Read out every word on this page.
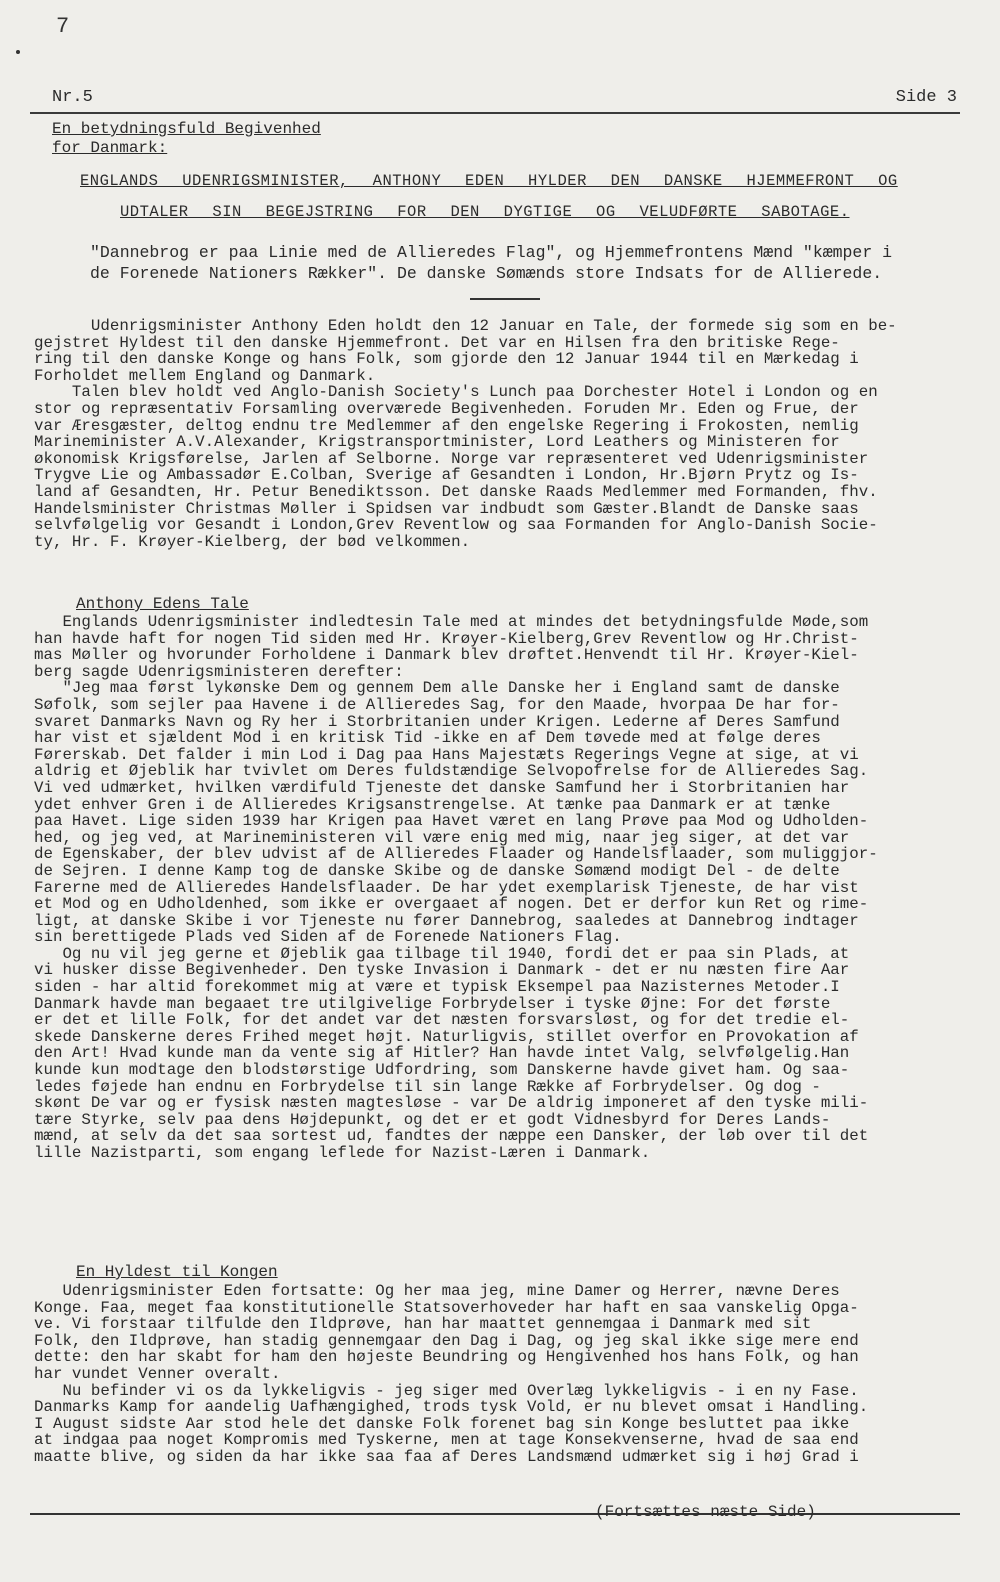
7
Nr.5	Side 3
En betydningsfuld Begivenhed
for Danmark:
ENGLANDS UDENRIGSMINISTER, ANTHONY EDEN HYLDER DEN DANSKE HJEMMEFRONT OG
UDTALER SIN BEGEJSTRING FOR DEN DYGTIGE OG VELUDFØRTE SABOTAGE.
"Dannebrog er paa Linie med de Allieredes Flag", og Hjemmefrontens Mænd "kæmper i
de Forenede Nationers Rækker". De danske Sømænds store Indsats for de Allierede.

Udenrigsminister Anthony Eden holdt den 12 Januar en Tale, der formede sig som en be-

gejstret Hyldest til den danske Hjemmefront. Det var en Hilsen fra den britiske Rege-

ring til den danske Konge og hans Folk, som gjorde den 12 Januar 1944 til en Mærkedag i

Forholdet mellem England og Danmark.

Talen blev holdt ved Anglo-Danish Society's Lunch paa Dorchester Hotel i London og en

stor og repræsentativ Forsamling overværede Begivenheden. Foruden Mr. Eden og Frue, der

var Æresgæster, deltog endnu tre Medlemmer af den engelske Regering i Frokosten, nemlig

Marineminister A.V.Alexander, Krigstransportminister, Lord Leathers og Ministeren for

økonomisk Krigsførelse, Jarlen af Selborne. Norge var repræsenteret ved Udenrigsminister

Trygve Lie og Ambassadør E.Colban, Sverige af Gesandten i London, Hr.Bjørn Prytz og Is-

land af Gesandten, Hr. Petur Benediktsson. Det danske Raads Medlemmer med Formanden, fhv.

Handelsminister Christmas Møller i Spidsen var indbudt som Gæster.Blandt de Danske saas

selvfølgelig vor Gesandt i London,Grev Reventlow og saa Formanden for Anglo-Danish Socie-

ty, Hr. F. Krøyer-Kielberg, der bød velkommen.

Anthony Edens Tale

Englands Udenrigsminister indledtesin Tale med at mindes det betydningsfulde Møde,som

han havde haft for nogen Tid siden med Hr. Krøyer-Kielberg,Grev Reventlow og Hr.Christ-

mas Møller og hvorunder Forholdene i Danmark blev drøftet.Henvendt til Hr. Krøyer-Kiel-

berg sagde Udenrigsministeren derefter:

"Jeg maa først lykønske Dem og gennem Dem alle Danske her i England samt de danske

Søfolk, som sejler paa Havene i de Allieredes Sag, for den Maade, hvorpaa De har for-

svaret Danmarks Navn og Ry her i Storbritanien under Krigen. Lederne af Deres Samfund

har vist et sjældent Mod i en kritisk Tid -ikke en af Dem tøvede med at følge deres

Førerskab. Det falder i min Lod i Dag paa Hans Majestæts Regerings Vegne at sige, at vi

aldrig et Øjeblik har tvivlet om Deres fuldstændige Selvopofrelse for de Allieredes Sag.

Vi ved udmærket, hvilken værdifuld Tjeneste det danske Samfund her i Storbritanien har

ydet enhver Gren i de Allieredes Krigsanstrengelse. At tænke paa Danmark er at tænke

paa Havet. Lige siden 1939 har Krigen paa Havet været en lang Prøve paa Mod og Udholden-

hed, og jeg ved, at Marineministeren vil være enig med mig, naar jeg siger, at det var

de Egenskaber, der blev udvist af de Allieredes Flaader og Handelsflaader, som muliggjor-

de Sejren. I denne Kamp tog de danske Skibe og de danske Sømænd modigt Del - de delte

Farerne med de Allieredes Handelsflaader. De har ydet exemplarisk Tjeneste, de har vist

et Mod og en Udholdenhed, som ikke er overgaaet af nogen. Det er derfor kun Ret og rime-

ligt, at danske Skibe i vor Tjeneste nu fører Dannebrog, saaledes at Dannebrog indtager

sin berettigede Plads ved Siden af de Forenede Nationers Flag.

Og nu vil jeg gerne et Øjeblik gaa tilbage til 1940, fordi det er paa sin Plads, at

vi husker disse Begivenheder. Den tyske Invasion i Danmark - det er nu næsten fire Aar

siden - har altid forekommet mig at være et typisk Eksempel paa Nazisternes Metoder.I

Danmark havde man begaaet tre utilgivelige Forbrydelser i tyske Øjne: For det første

er det et lille Folk, for det andet var det næsten forsvarsløst, og for det tredie el-

skede Danskerne deres Frihed meget højt. Naturligvis, stillet overfor en Provokation af

den Art! Hvad kunde man da vente sig af Hitler? Han havde intet Valg, selvfølgelig.Han

kunde kun modtage den blodstørstige Udfordring, som Danskerne havde givet ham. Og saa-

ledes føjede han endnu en Forbrydelse til sin lange Række af Forbrydelser. Og dog -

skønt De var og er fysisk næsten magtesløse - var De aldrig imponeret af den tyske mili-

tære Styrke, selv paa dens Højdepunkt, og det er et godt Vidnesbyrd for Deres Lands-

mænd, at selv da det saa sortest ud, fandtes der næppe een Dansker, der løb over til det

lille Nazistparti, som engang leflede for Nazist-Læren i Danmark.

En Hyldest til Kongen

Udenrigsminister Eden fortsatte: Og her maa jeg, mine Damer og Herrer, nævne Deres

Konge. Faa, meget faa konstitutionelle Statsoverhoveder har haft en saa vanskelig Opga-

ve. Vi forstaar tilfulde den Ildprøve, han har maattet gennemgaa i Danmark med sit

Folk, den Ildprøve, han stadig gennemgaar den Dag i Dag, og jeg skal ikke sige mere end

dette: den har skabt for ham den højeste Beundring og Hengivenhed hos hans Folk, og han

har vundet Venner overalt.

Nu befinder vi os da lykkeligvis - jeg siger med Overlæg lykkeligvis - i en ny Fase.

Danmarks Kamp for aandelig Uafhængighed, trods tysk Vold, er nu blevet omsat i Handling.

I August sidste Aar stod hele det danske Folk forenet bag sin Konge besluttet paa ikke

at indgaa paa noget Kompromis med Tyskerne, men at tage Konsekvenserne, hvad de saa end

maatte blive, og siden da har ikke saa faa af Deres Landsmænd udmærket sig i høj Grad i

(Fortsættes næste Side)
